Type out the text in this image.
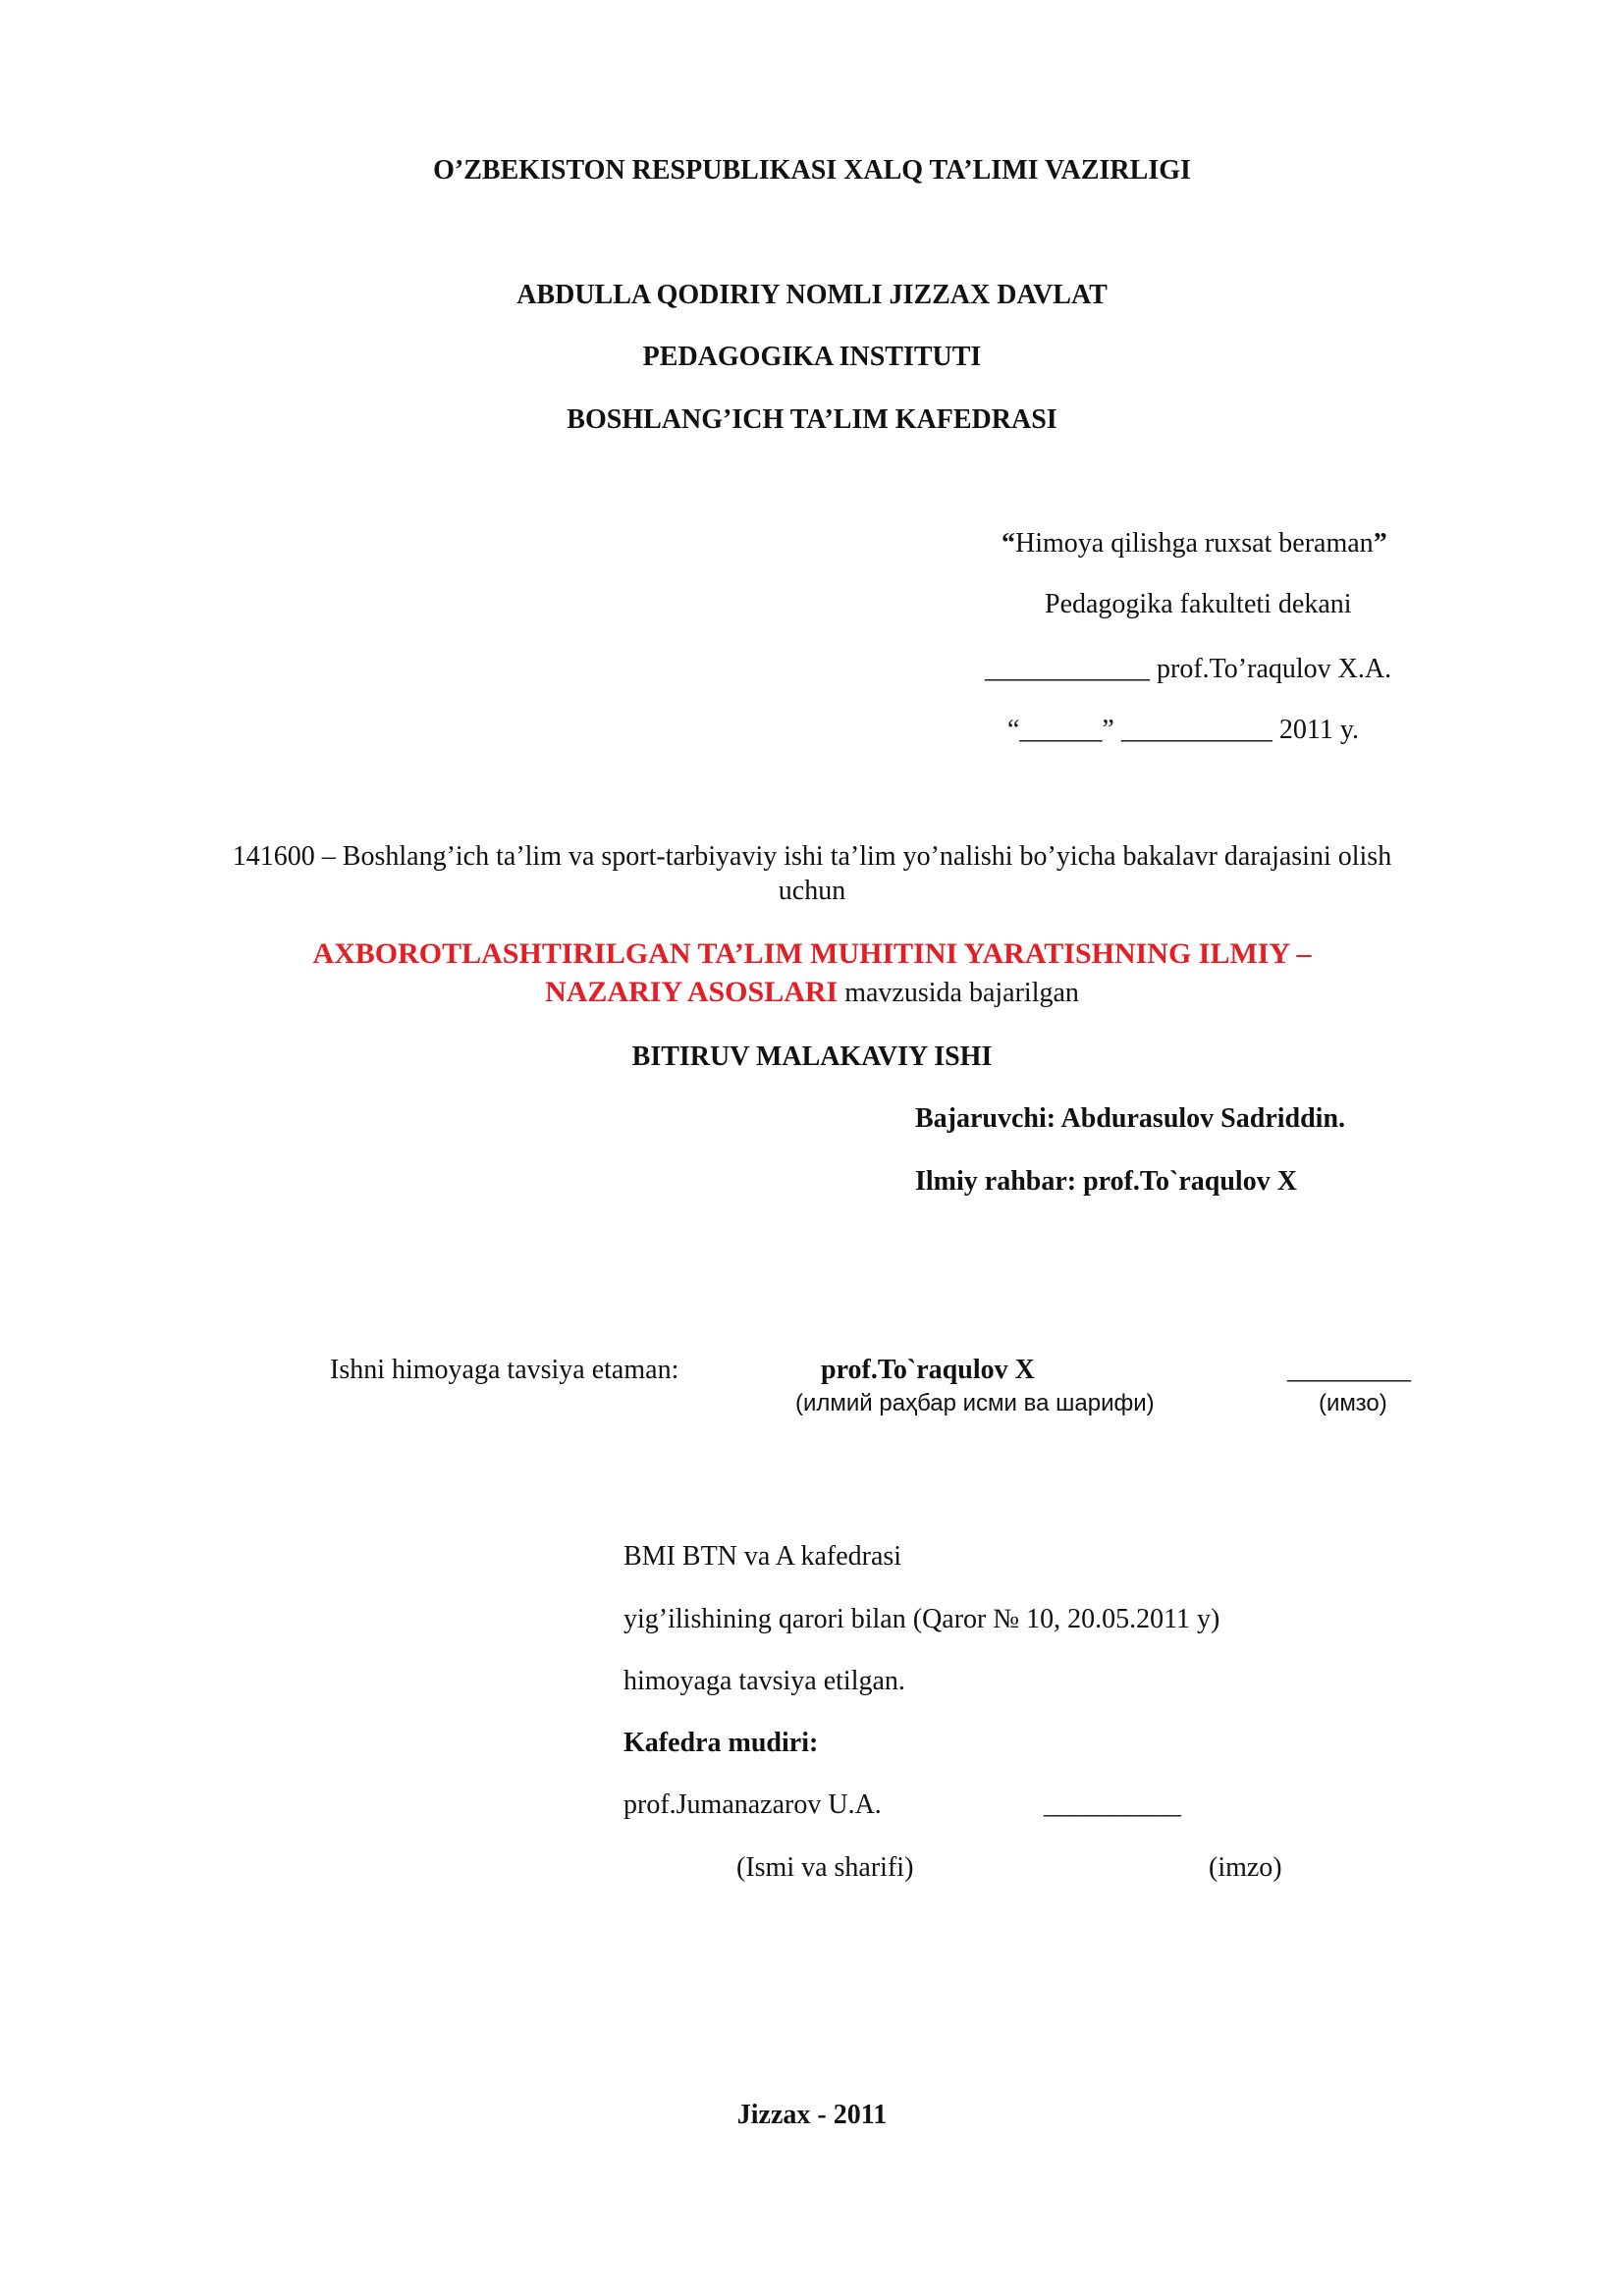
O’ZBEKISTON RESPUBLIKASI XALQ TA’LIMI VAZIRLIGI
ABDULLA QODIRIY NOMLI JIZZAX DAVLAT
PEDAGOGIKA INSTITUTI
BOSHLANG’ICH TA’LIM KAFEDRASI
“Himoya qilishga ruxsat beraman”
Pedagogika fakulteti dekani
____________ prof.To’raqulov X.A.
“______” ___________ 2011 y.
141600 – Boshlang’ich ta’lim va sport-tarbiyaviy ishi ta’lim yo’nalishi bo’yicha bakalavr darajasini olish
uchun
AXBOROTLASHTIRILGAN TA’LIM MUHITINI YARATISHNING ILMIY –
NAZARIY ASOSLARI mavzusida bajarilgan
BITIRUV MALAKAVIY ISHI
Bajaruvchi: Abdurasulov Sadriddin.
Ilmiy rahbar: prof.To`raqulov X
Ishni himoyaga tavsiya etaman:	prof.To`raqulov X	_________
(илмий раҳбар исми ва шарифи)	(имзо)
BMI BTN va A kafedrasi
yig’ilishining qarori bilan (Qaror № 10, 20.05.2011 y)
himoyaga tavsiya etilgan.
Kafedra mudiri:
prof.Jumanazarov U.A.	__________
(Ismi va sharifi)	(imzo)
Jizzax - 2011
